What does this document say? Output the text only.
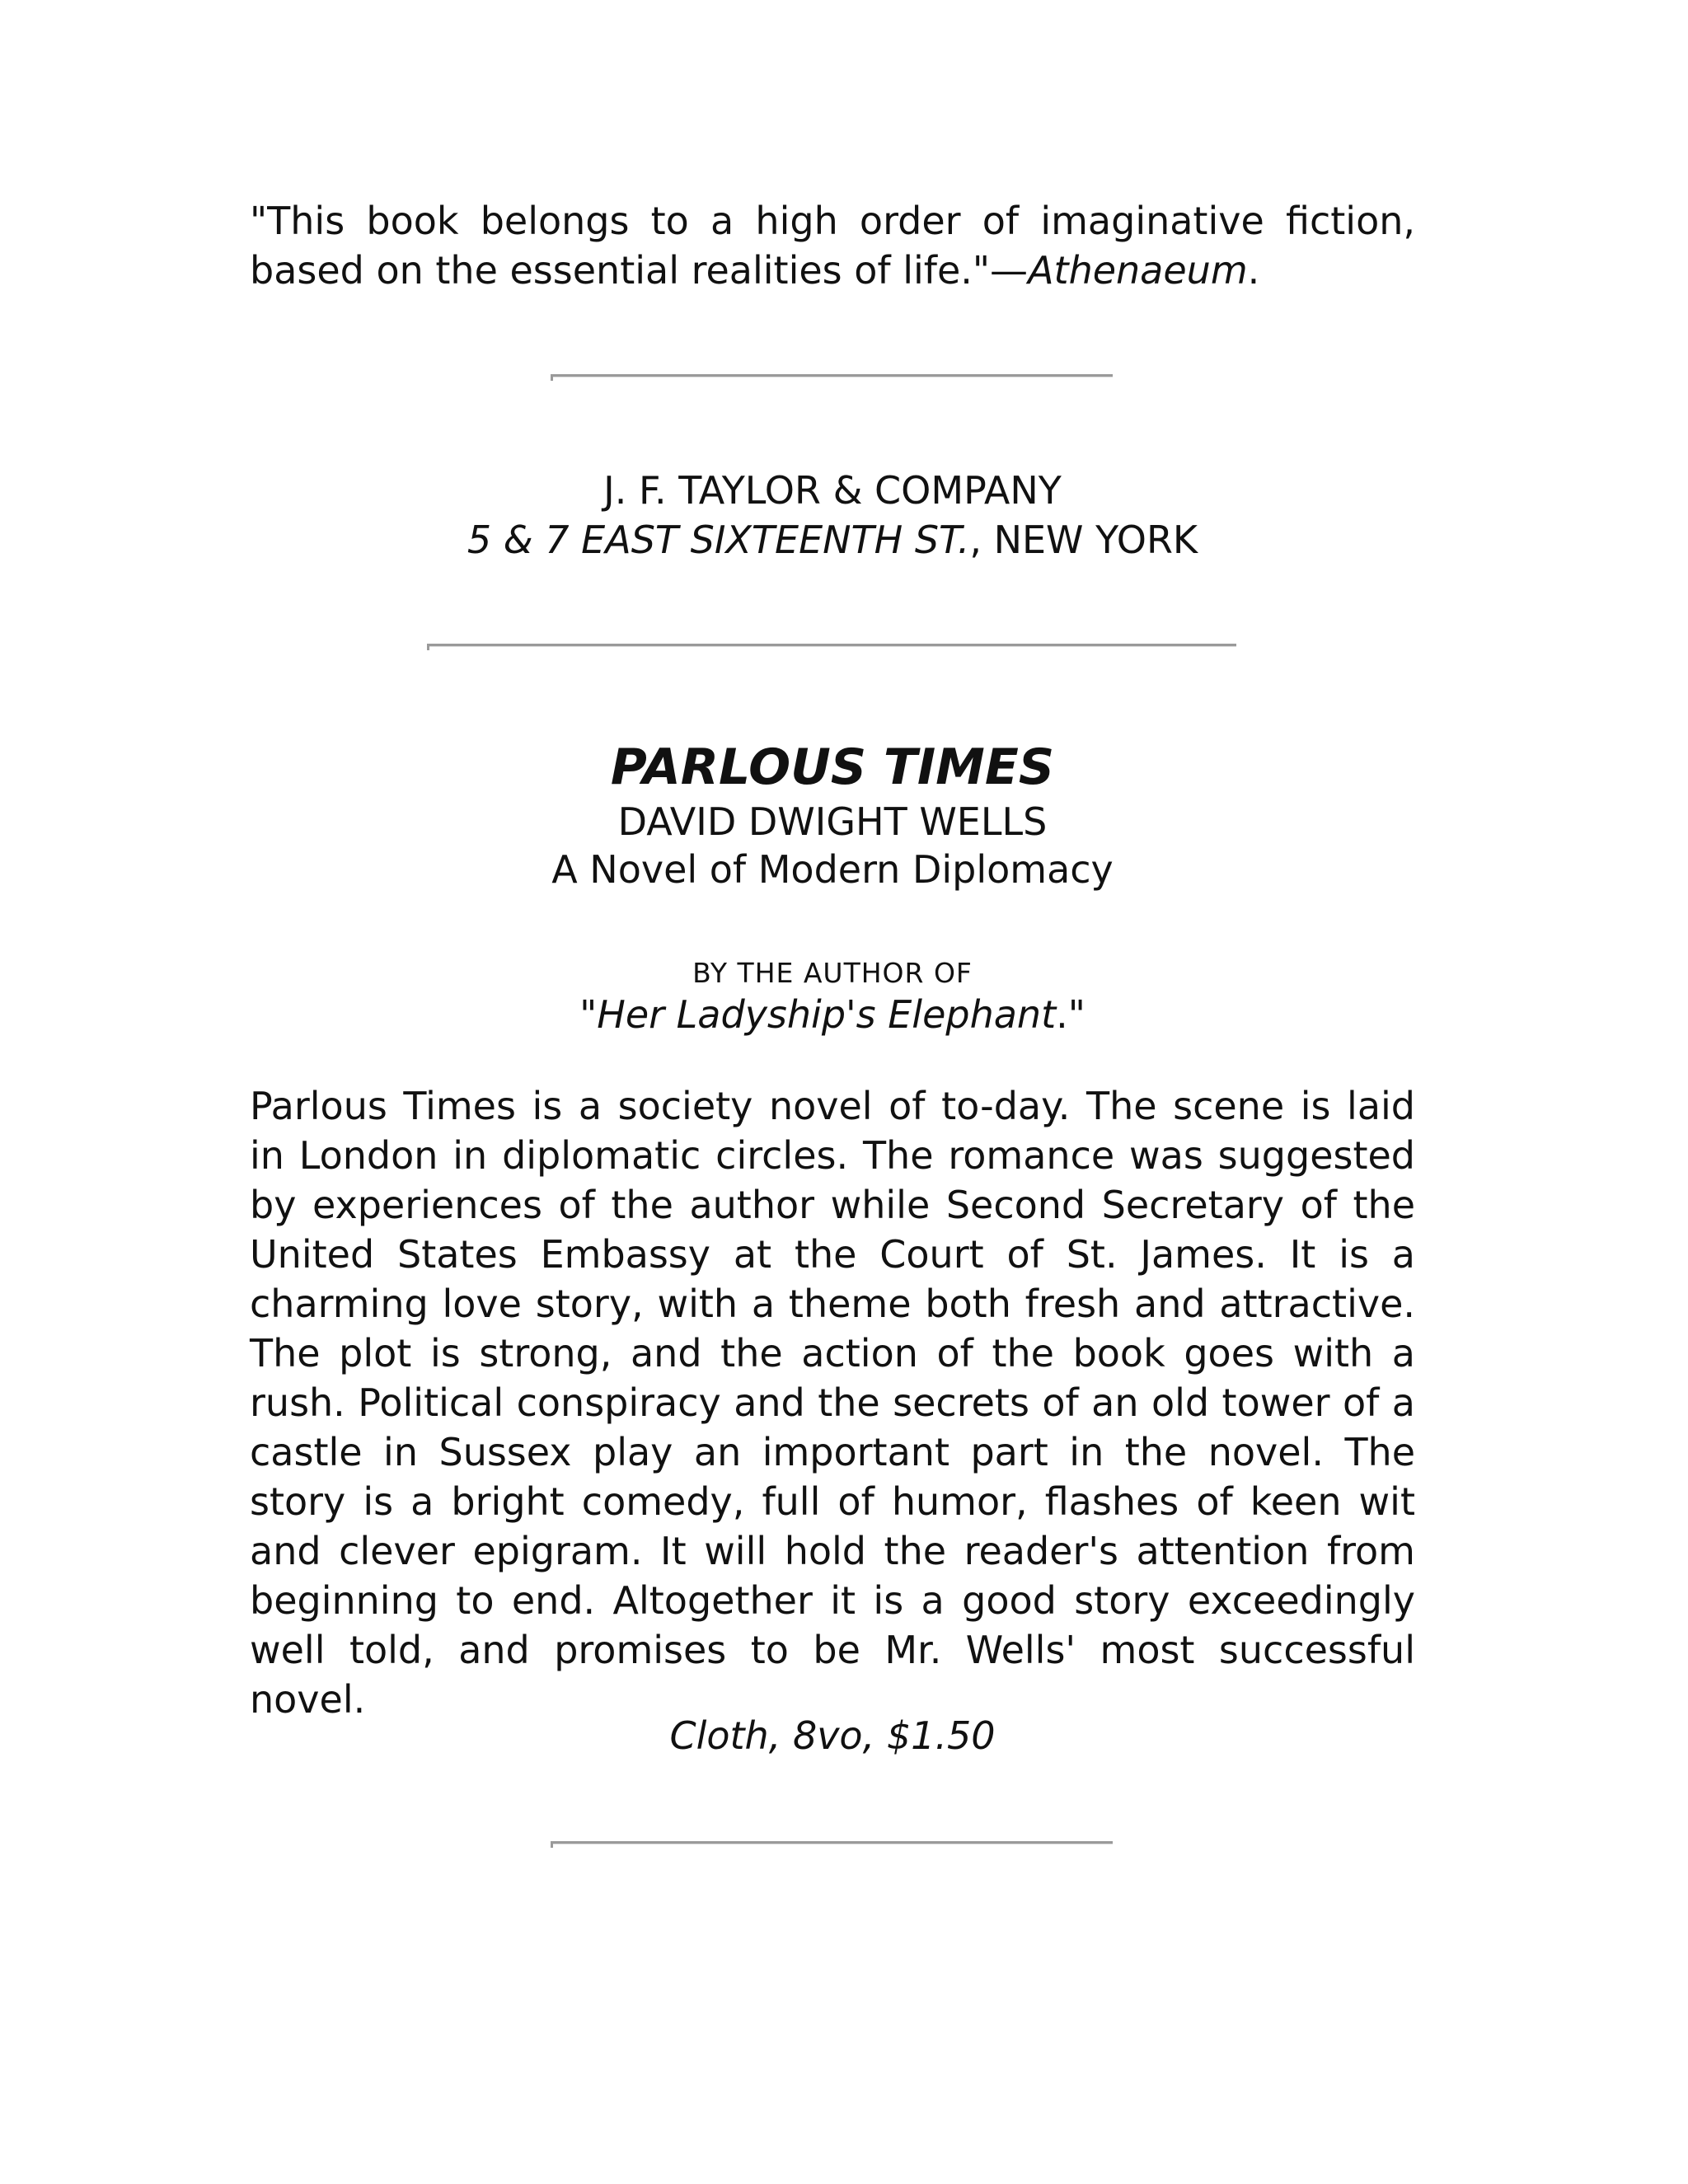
"This book belongs to a high order of imaginative fiction, based on the essential realities of life."—Athenaeum.

J. F. TAYLOR & COMPANY
5 & 7 EAST SIXTEENTH ST., NEW YORK
PARLOUS TIMES
DAVID DWIGHT WELLS
A Novel of Modern Diplomacy
BY THE AUTHOR OF
"Her Ladyship's Elephant."

Parlous Times is a society novel of to-day. The scene is laid in London in diplomatic circles. The romance was suggested by experiences of the author while Second Secretary of the United States Embassy at the Court of St. James. It is a charming love story, with a theme both fresh and attractive. The plot is strong, and the action of the book goes with a rush. Political conspiracy and the secrets of an old tower of a castle in Sussex play an important part in the novel. The story is a bright comedy, full of humor, flashes of keen wit and clever epigram. It will hold the reader's attention from beginning to end. Altogether it is a good story exceedingly well told, and promises to be Mr. Wells' most successful novel.

Cloth, 8vo, $1.50
